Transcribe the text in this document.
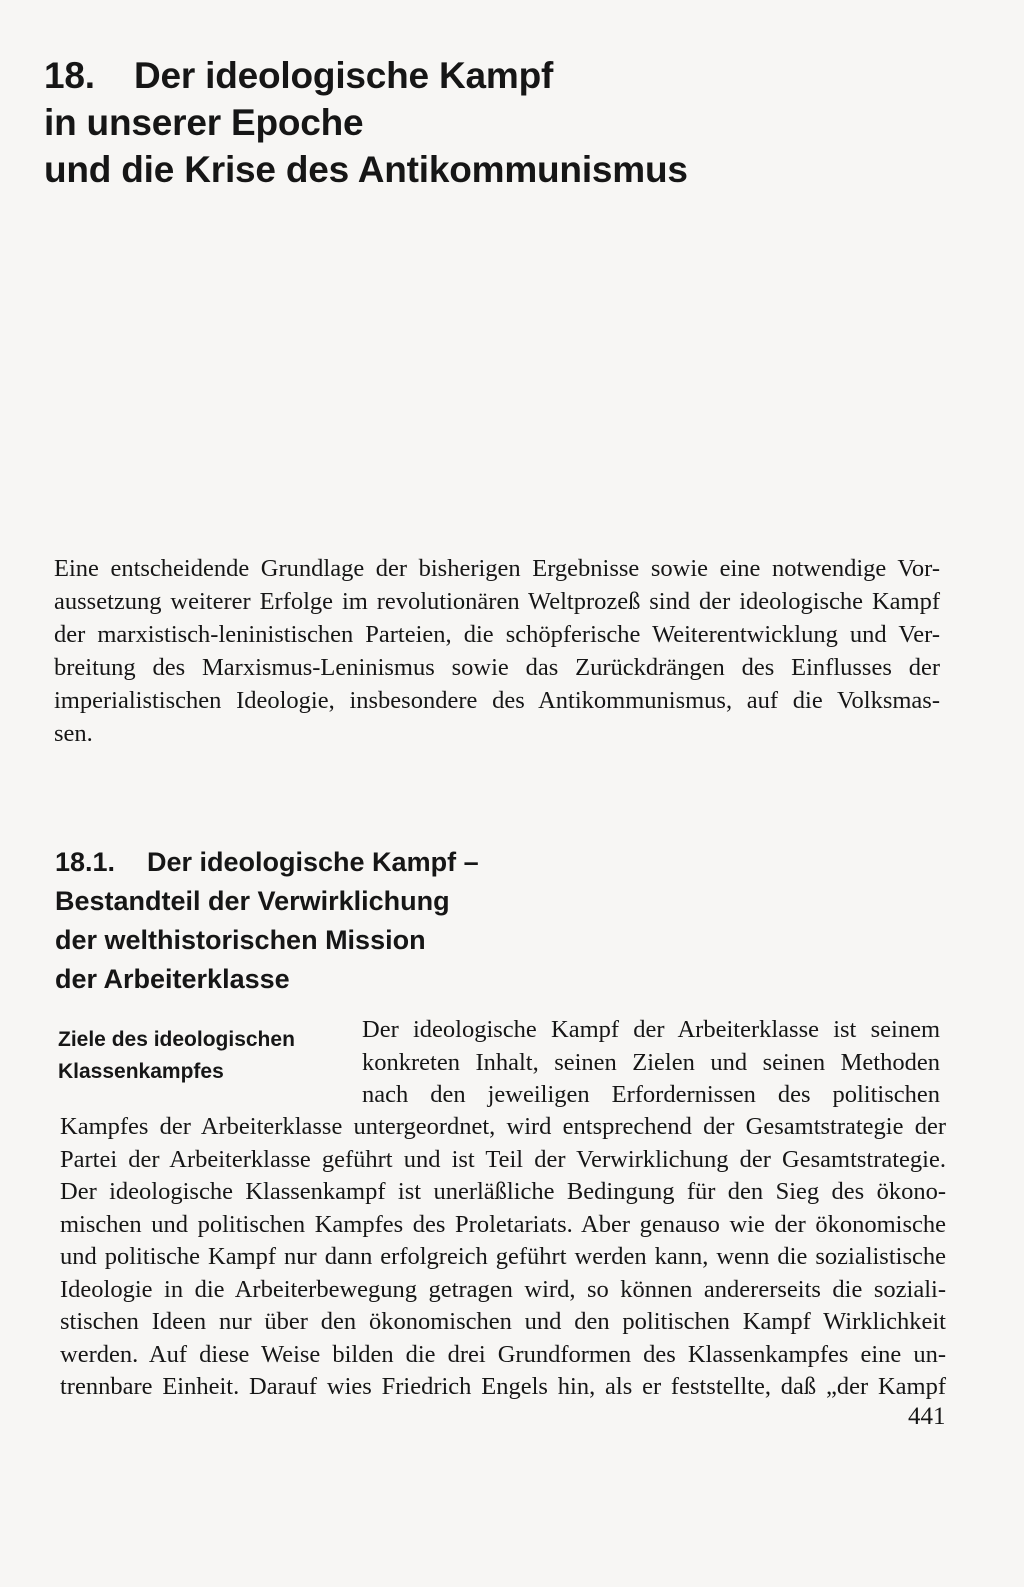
18. Der ideologische Kampf
in unserer Epoche
und die Krise des Antikommunismus
Eine entscheidende Grundlage der bisherigen Ergebnisse sowie eine notwendige Vor-
aussetzung weiterer Erfolge im revolutionären Weltprozeß sind der ideologische Kampf
der marxistisch-leninistischen Parteien, die schöpferische Weiterentwicklung und Ver-
breitung des Marxismus-Leninismus sowie das Zurückdrängen des Einflusses der
imperialistischen Ideologie, insbesondere des Antikommunismus, auf die Volksmas-
sen.
18.1. Der ideologische Kampf –
Bestandteil der Verwirklichung
der welthistorischen Mission
der Arbeiterklasse
Ziele des ideologischen
Klassenkampfes
Der ideologische Kampf der Arbeiterklasse ist seinem
konkreten Inhalt, seinen Zielen und seinen Methoden
nach den jeweiligen Erfordernissen des politischen
Kampfes der Arbeiterklasse untergeordnet, wird entsprechend der Gesamtstrategie der
Partei der Arbeiterklasse geführt und ist Teil der Verwirklichung der Gesamtstrategie.
Der ideologische Klassenkampf ist unerläßliche Bedingung für den Sieg des ökono-
mischen und politischen Kampfes des Proletariats. Aber genauso wie der ökonomische
und politische Kampf nur dann erfolgreich geführt werden kann, wenn die sozialistische
Ideologie in die Arbeiterbewegung getragen wird, so können andererseits die soziali-
stischen Ideen nur über den ökonomischen und den politischen Kampf Wirklichkeit
werden. Auf diese Weise bilden die drei Grundformen des Klassenkampfes eine un-
trennbare Einheit. Darauf wies Friedrich Engels hin, als er feststellte, daß „der Kampf
441
